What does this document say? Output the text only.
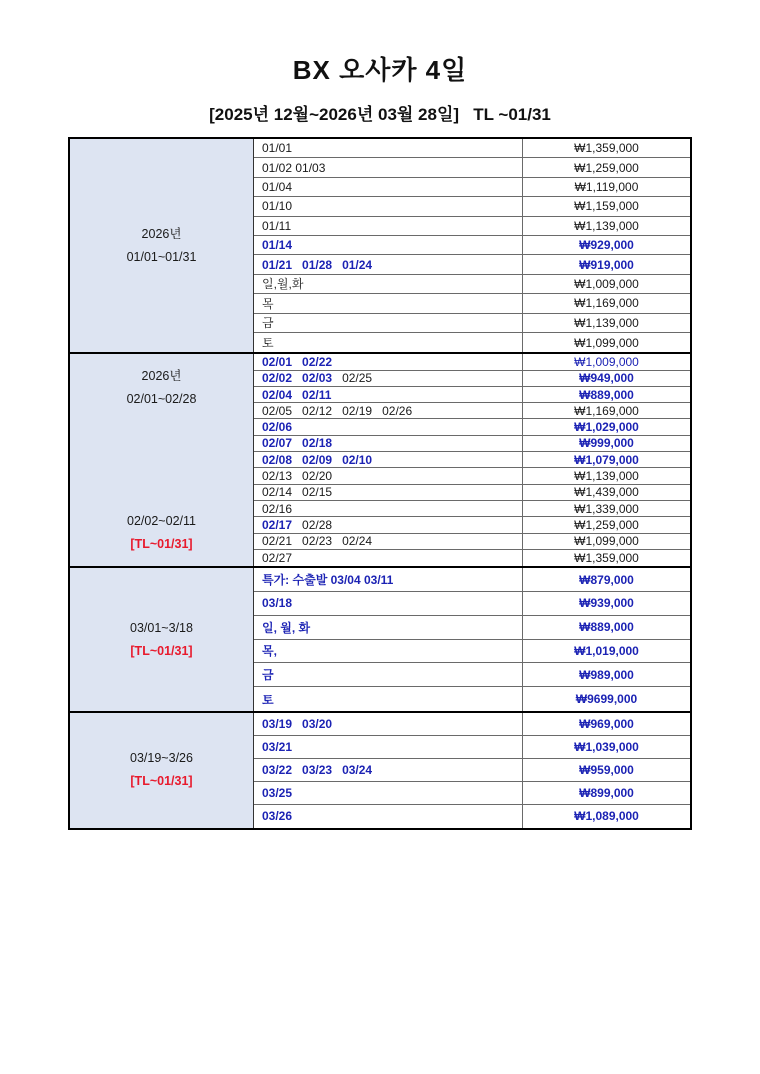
BX 오사카 4일
[2025년 12월~2026년 03월 28일]   TL ~01/31
2026년
01/01~01/31
01/01	₩1,359,000
01/02 01/03	₩1,259,000
01/04	₩1,119,000
01/10	₩1,159,000
01/11	₩1,139,000
01/14	₩929,000
01/21   01/28   01/24	₩919,000
일,월,화	₩1,009,000
목	₩1,169,000
금	₩1,139,000
토	₩1,099,000
2026년
02/01~02/28
02/02~02/11
[TL~01/31]
02/01   02/22	₩1,009,000
02/02   02/03 02/25	₩949,000
02/04   02/11	₩889,000
02/05   02/12   02/19   02/26	₩1,169,000
02/06	₩1,029,000
02/07   02/18	₩999,000
02/08   02/09   02/10	₩1,079,000
02/13   02/20	₩1,139,000
02/14   02/15	₩1,439,000
02/16	₩1,339,000
02/17 02/28	₩1,259,000
02/21   02/23   02/24	₩1,099,000
02/27	₩1,359,000
03/01~3/18
[TL~01/31]
특가: 수출발 03/04 03/11	₩879,000
03/18	₩939,000
일, 월, 화	₩889,000
목,	₩1,019,000
금	₩989,000
토	₩9699,000
03/19~3/26
[TL~01/31]
03/19   03/20	₩969,000
03/21	₩1,039,000
03/22   03/23   03/24	₩959,000
03/25	₩899,000
03/26	₩1,089,000
